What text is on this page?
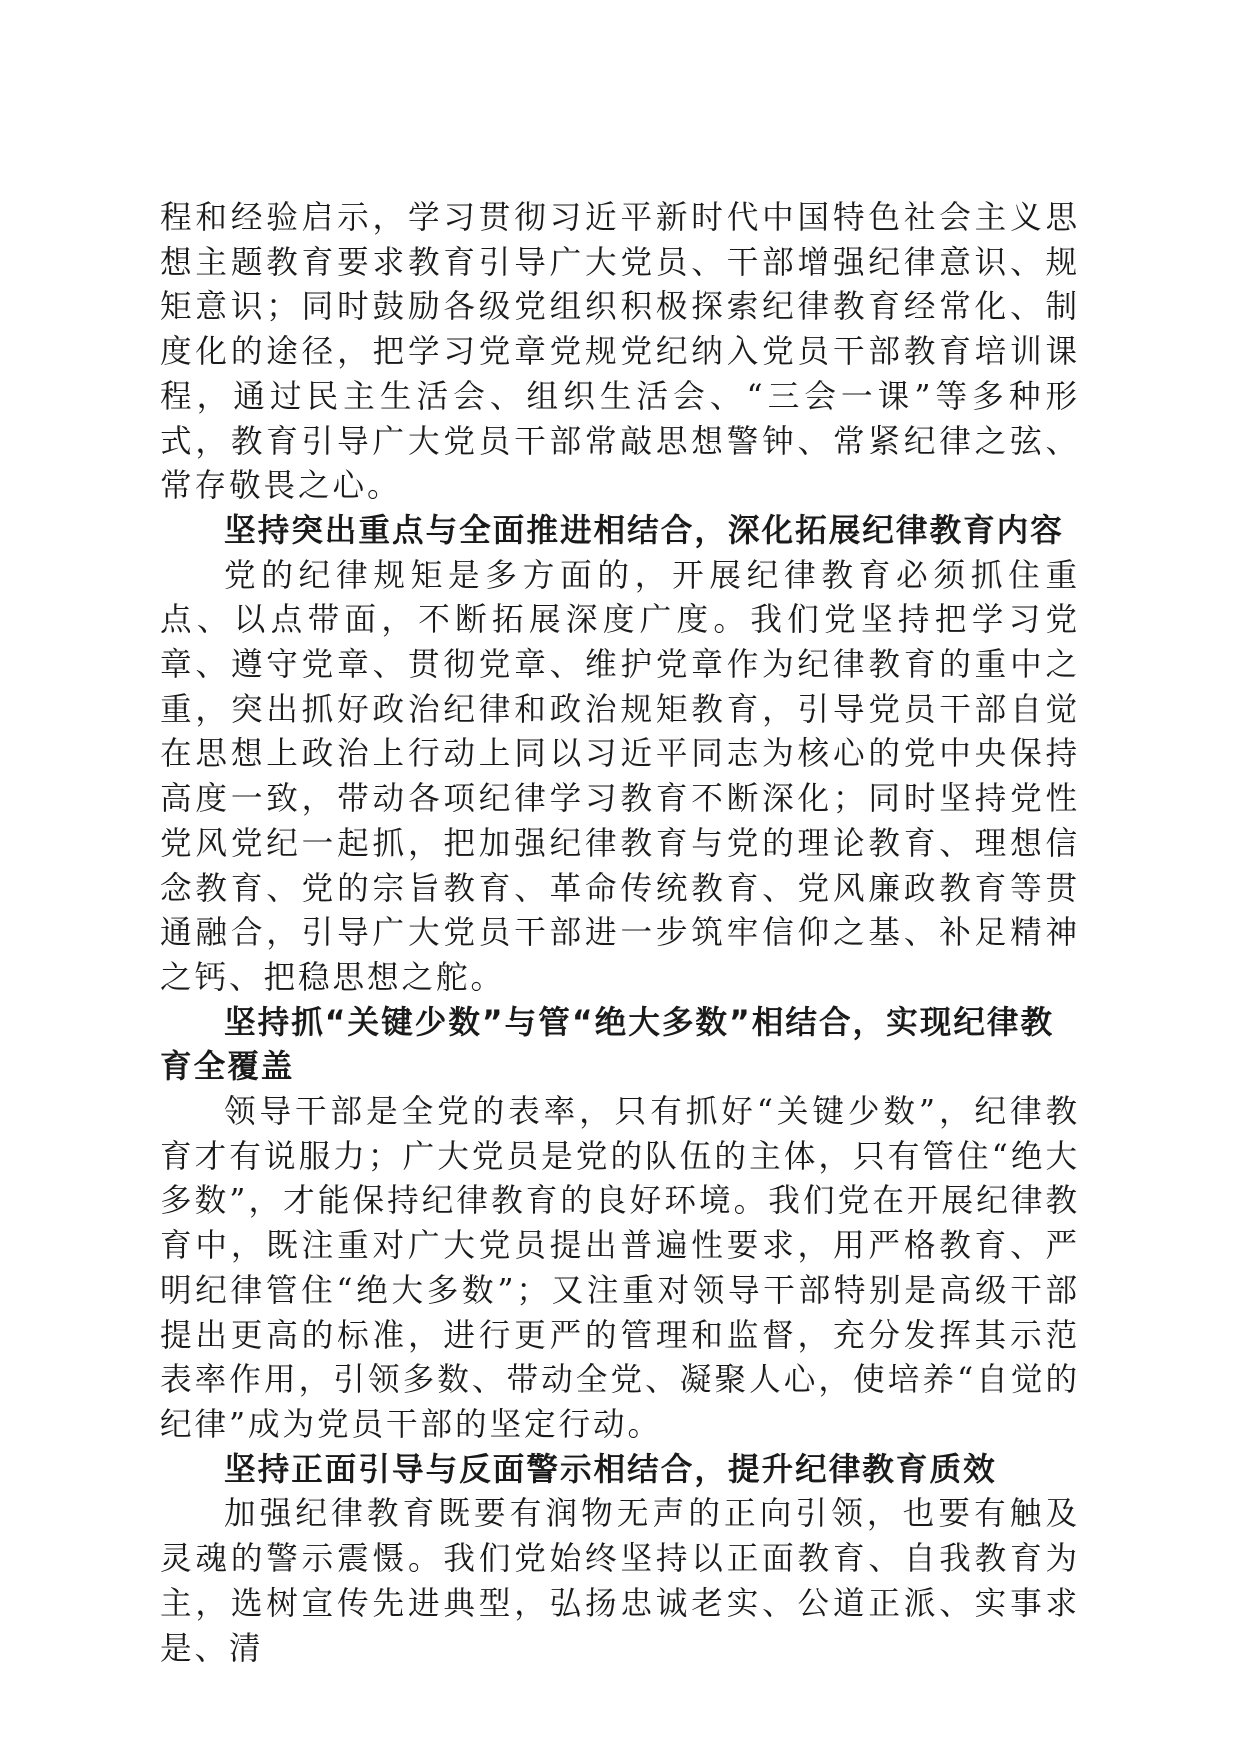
程和经验启示，学习贯彻习近平新时代中国特色社会主义思想主题教育要求教育引导广大党员、干部增强纪律意识、规矩意识；同时鼓励各级党组织积极探索纪律教育经常化、制度化的途径，把学习党章党规党纪纳入党员干部教育培训课程，通过民主生活会、组织生活会、“三会一课”等多种形式，教育引导广大党员干部常敲思想警钟、常紧纪律之弦、常存敬畏之心。

坚持突出重点与全面推进相结合，深化拓展纪律教育内容

党的纪律规矩是多方面的，开展纪律教育必须抓住重点、以点带面，不断拓展深度广度。我们党坚持把学习党章、遵守党章、贯彻党章、维护党章作为纪律教育的重中之重，突出抓好政治纪律和政治规矩教育，引导党员干部自觉在思想上政治上行动上同以习近平同志为核心的党中央保持高度一致，带动各项纪律学习教育不断深化；同时坚持党性党风党纪一起抓，把加强纪律教育与党的理论教育、理想信念教育、党的宗旨教育、革命传统教育、党风廉政教育等贯通融合，引导广大党员干部进一步筑牢信仰之基、补足精神之钙、把稳思想之舵。

坚持抓“关键少数”与管“绝大多数”相结合，实现纪律教育全覆盖

领导干部是全党的表率，只有抓好“关键少数”，纪律教育才有说服力；广大党员是党的队伍的主体，只有管住“绝大多数”，才能保持纪律教育的良好环境。我们党在开展纪律教育中，既注重对广大党员提出普遍性要求，用严格教育、严明纪律管住“绝大多数”；又注重对领导干部特别是高级干部提出更高的标准，进行更严的管理和监督，充分发挥其示范表率作用，引领多数、带动全党、凝聚人心，使培养“自觉的纪律”成为党员干部的坚定行动。

坚持正面引导与反面警示相结合，提升纪律教育质效

加强纪律教育既要有润物无声的正向引领，也要有触及灵魂的警示震慑。我们党始终坚持以正面教育、自我教育为主，选树宣传先进典型，弘扬忠诚老实、公道正派、实事求是、清
